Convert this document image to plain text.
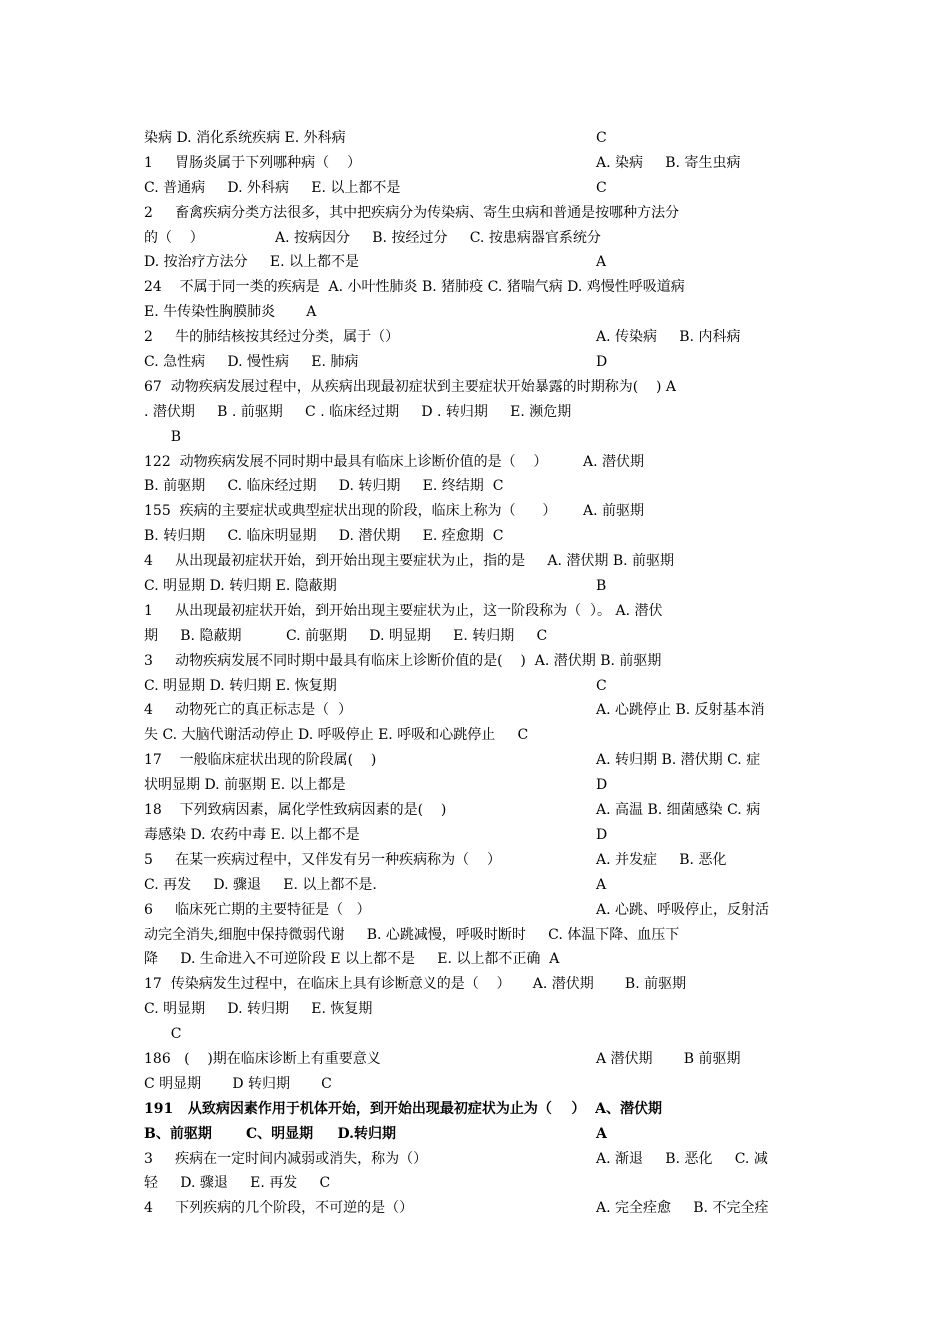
染病 D. 消化系统疾病 E. 外科病	C
1     胃肠炎属于下列哪种病（    ）	A. 染病     B. 寄生虫病
C. 普通病     D. 外科病     E. 以上都不是	C
2     畜禽疾病分类方法很多，其中把疾病分为传染病、寄生虫病和普通是按哪种方法分
的（    ）                A. 按病因分     B. 按经过分     C. 按患病器官系统分
D. 按治疗方法分     E. 以上都不是	A
24    不属于同一类的疾病是  A. 小叶性肺炎 B. 猪肺疫 C. 猪喘气病 D. 鸡慢性呼吸道病
E. 牛传染性胸膜肺炎       A
2     牛的肺结核按其经过分类，属于（）	A. 传染病     B. 内科病
C. 急性病     D. 慢性病     E. 肺病	D
67  动物疾病发展过程中，从疾病出现最初症状到主要症状开始暴露的时期称为(    ) A
. 潜伏期     B . 前驱期     C . 临床经过期     D . 转归期     E. 濒危期
B
122  动物疾病发展不同时期中最具有临床上诊断价值的是（    ）        A. 潜伏期
B. 前驱期     C. 临床经过期     D. 转归期     E. 终结期  C
155  疾病的主要症状或典型症状出现的阶段，临床上称为（      ）      A. 前驱期
B. 转归期     C. 临床明显期     D. 潜伏期     E. 痊愈期  C
4     从出现最初症状开始，到开始出现主要症状为止，指的是     A. 潜伏期 B. 前驱期
C. 明显期 D. 转归期 E. 隐蔽期	B
1     从出现最初症状开始，到开始出现主要症状为止，这一阶段称为（  ）。 A. 潜伏
期     B. 隐蔽期          C. 前驱期     D. 明显期     E. 转归期     C
3     动物疾病发展不同时期中最具有临床上诊断价值的是(    )  A. 潜伏期 B. 前驱期
C. 明显期 D. 转归期 E. 恢复期	C
4     动物死亡的真正标志是（  ）	A. 心跳停止 B. 反射基本消
失 C. 大脑代谢活动停止 D. 呼吸停止 E. 呼吸和心跳停止     C
17    一般临床症状出现的阶段属(    )	A. 转归期 B. 潜伏期 C. 症
状明显期 D. 前驱期 E. 以上都是	D
18    下列致病因素，属化学性致病因素的是(    )	A. 高温 B. 细菌感染 C. 病
毒感染 D. 农药中毒 E. 以上都不是	D
5     在某一疾病过程中，又伴发有另一种疾病称为（    ）	A. 并发症     B. 恶化
C. 再发     D. 骤退     E. 以上都不是.	A
6     临床死亡期的主要特征是（   ）	A. 心跳、呼吸停止，反射活
动完全消失,细胞中保持微弱代谢     B. 心跳减慢，呼吸时断时     C. 体温下降、血压下
降     D. 生命进入不可逆阶段 E 以上都不是     E. 以上都不正确  A
17  传染病发生过程中，在临床上具有诊断意义的是（    ）     A. 潜伏期       B. 前驱期
C. 明显期     D. 转归期     E. 恢复期
C
186   (    )期在临床诊断上有重要意义	A 潜伏期       B 前驱期
C 明显期       D 转归期       C
191   从致病因素作用于机体开始，到开始出现最初症状为止为（    ）  A、潜伏期
B、前驱期       C、明显期     D.转归期	A
3     疾病在一定时间内减弱或消失，称为（）	A. 渐退     B. 恶化     C. 减
轻     D. 骤退     E. 再发     C
4     下列疾病的几个阶段，不可逆的是（）	A. 完全痊愈     B. 不完全痊
